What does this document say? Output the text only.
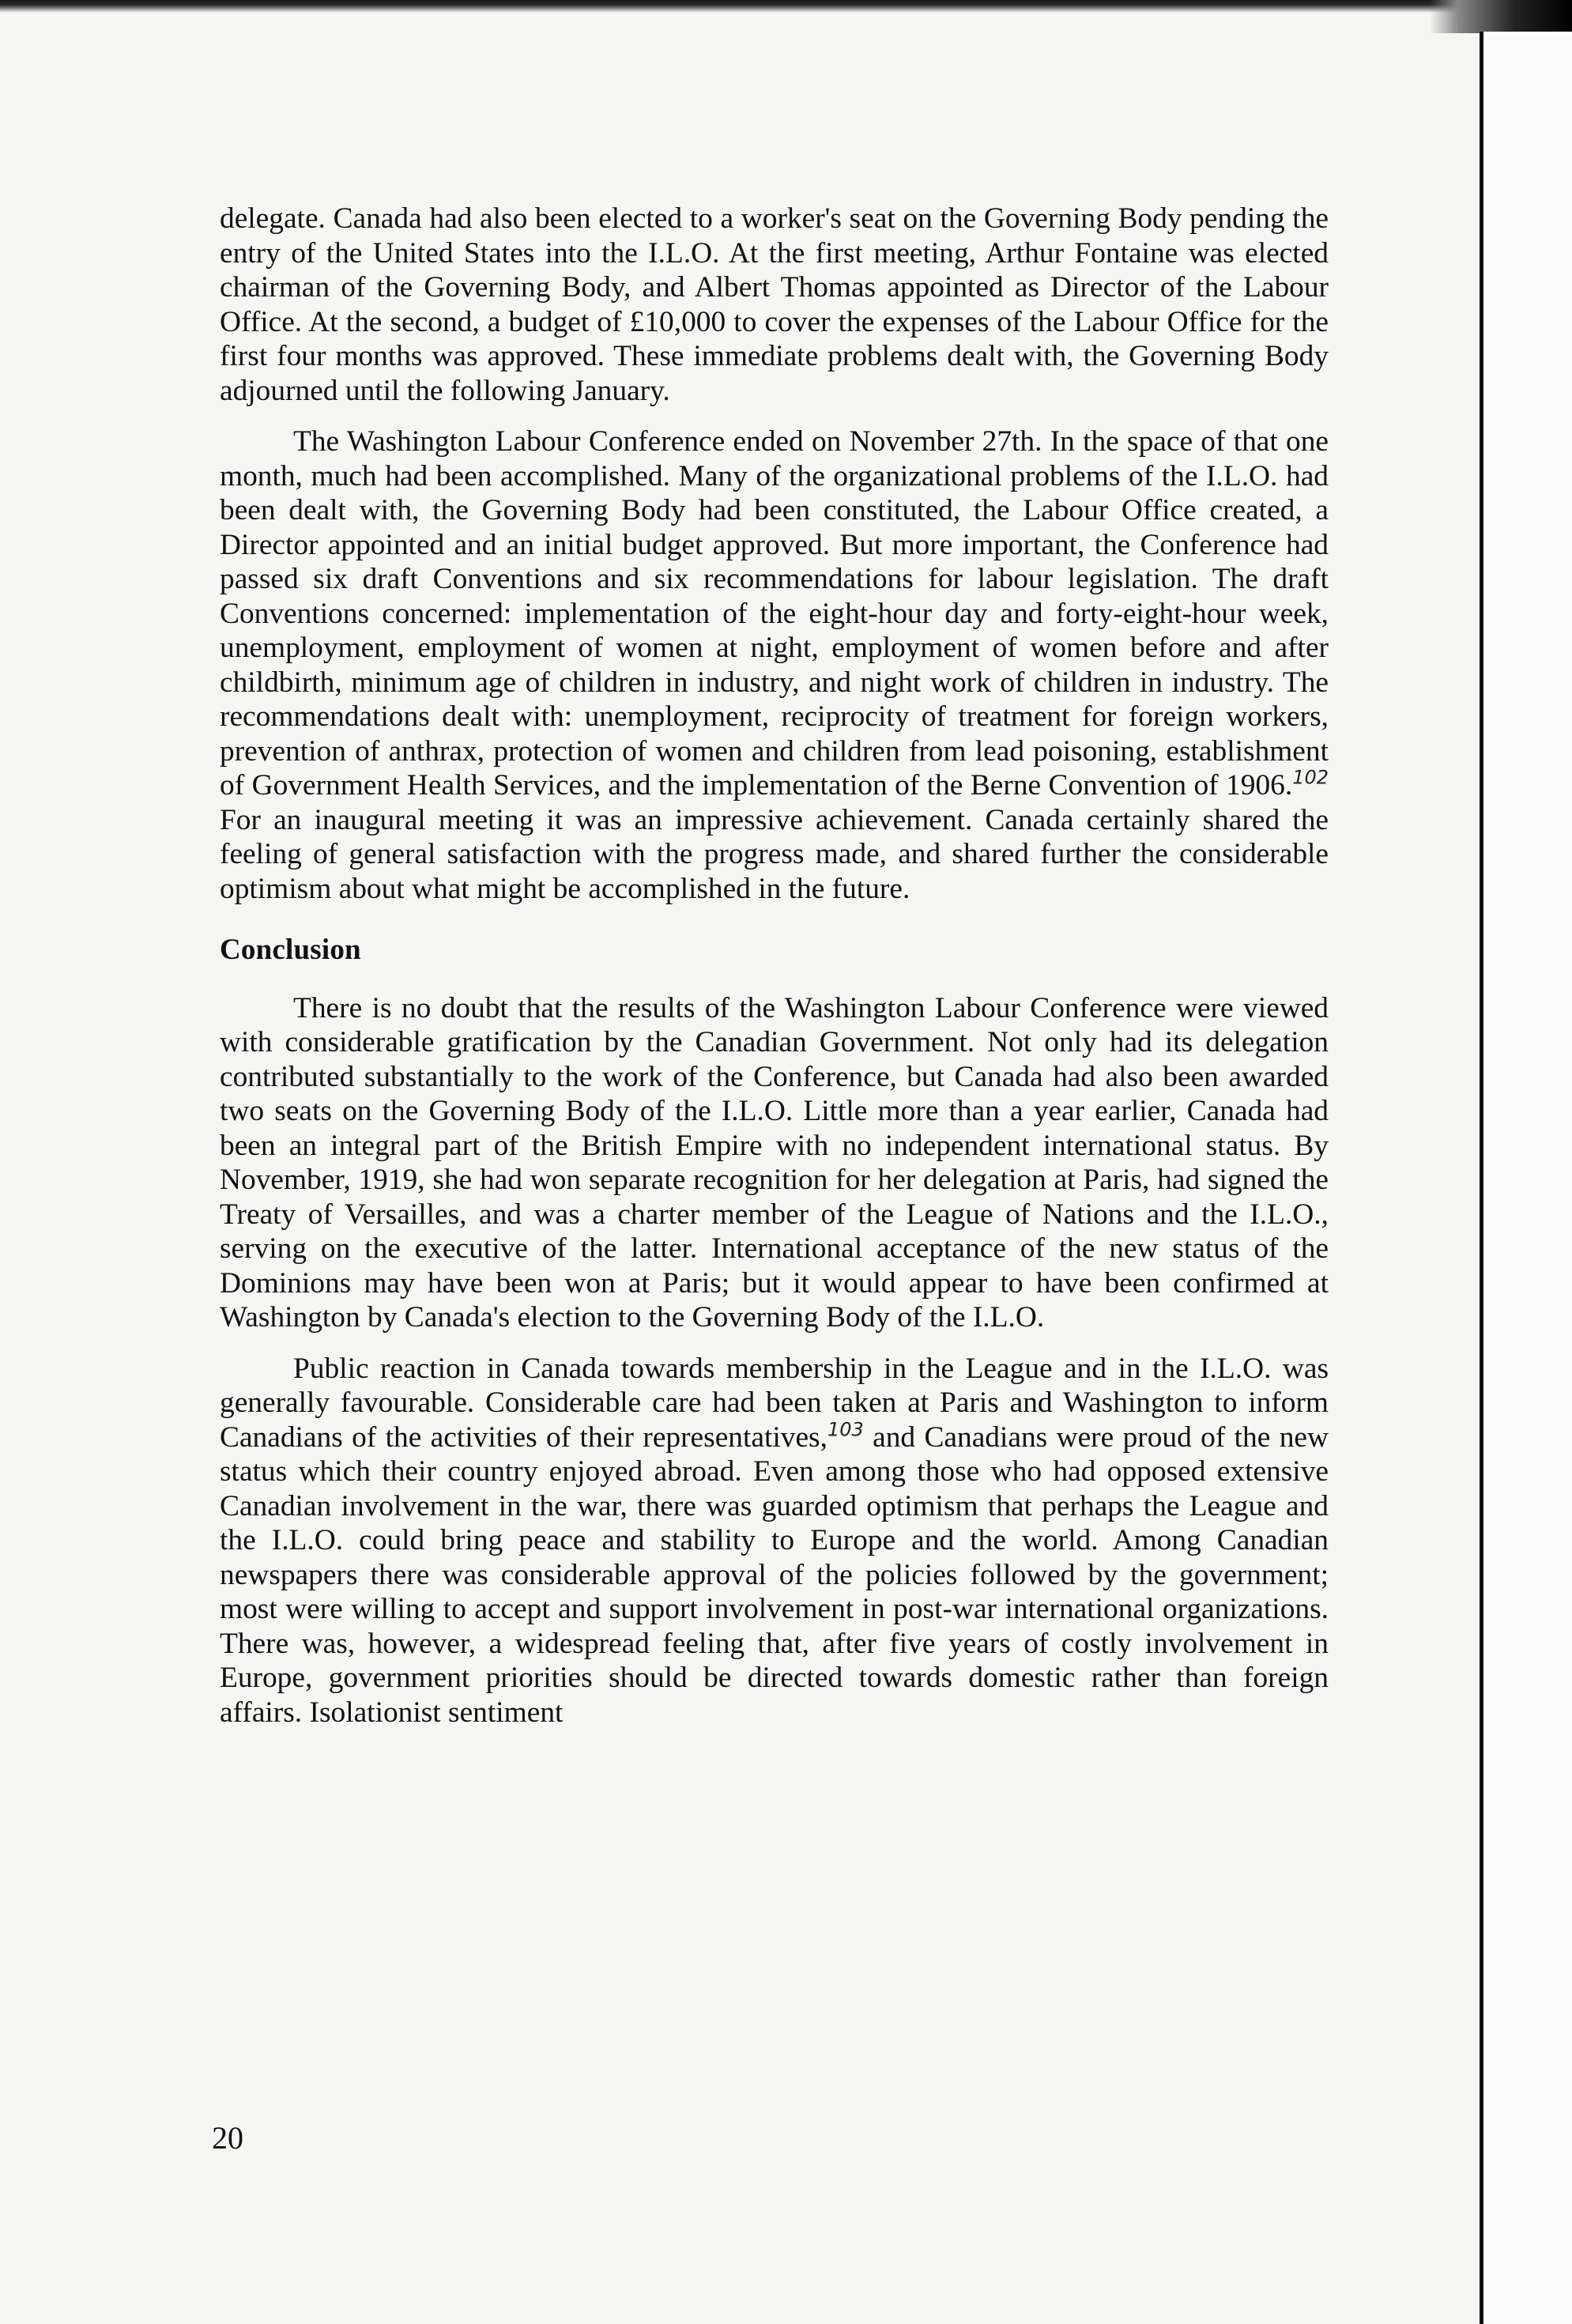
delegate. Canada had also been elected to a worker's seat on the Governing Body pending the entry of the United States into the I.L.O. At the first meeting, Arthur Fontaine was elected chairman of the Governing Body, and Albert Thomas appointed as Director of the Labour Office. At the second, a budget of £10,000 to cover the expenses of the Labour Office for the first four months was approved. These immediate problems dealt with, the Governing Body adjourned until the following January.

The Washington Labour Conference ended on November 27th. In the space of that one month, much had been accomplished. Many of the organizational problems of the I.L.O. had been dealt with, the Governing Body had been constituted, the Labour Office created, a Director appointed and an initial budget approved. But more important, the Conference had passed six draft Conventions and six recommendations for labour legislation. The draft Conventions concerned: implementation of the eight-hour day and forty-eight-hour week, unemployment, employment of women at night, employment of women before and after childbirth, minimum age of children in industry, and night work of children in industry. The recommendations dealt with: unemployment, reciprocity of treatment for foreign workers, prevention of anthrax, protection of women and children from lead poisoning, establishment of Government Health Services, and the implementation of the Berne Convention of 1906.$^{102}$ For an inaugural meeting it was an impressive achievement. Canada certainly shared the feeling of general satisfaction with the progress made, and shared further the considerable optimism about what might be accomplished in the future.

Conclusion

There is no doubt that the results of the Washington Labour Conference were viewed with considerable gratification by the Canadian Government. Not only had its delegation contributed substantially to the work of the Conference, but Canada had also been awarded two seats on the Governing Body of the I.L.O. Little more than a year earlier, Canada had been an integral part of the British Empire with no independent international status. By November, 1919, she had won separate recognition for her delegation at Paris, had signed the Treaty of Versailles, and was a charter member of the League of Nations and the I.L.O., serving on the executive of the latter. International acceptance of the new status of the Dominions may have been won at Paris; but it would appear to have been confirmed at Washington by Canada's election to the Governing Body of the I.L.O.

Public reaction in Canada towards membership in the League and in the I.L.O. was generally favourable. Considerable care had been taken at Paris and Washington to inform Canadians of the activities of their representatives,$^{103}$ and Canadians were proud of the new status which their country enjoyed abroad. Even among those who had opposed extensive Canadian involvement in the war, there was guarded optimism that perhaps the League and the I.L.O. could bring peace and stability to Europe and the world. Among Canadian newspapers there was considerable approval of the policies followed by the government; most were willing to accept and support involvement in post-war international organizations. There was, however, a widespread feeling that, after five years of costly involvement in Europe, government priorities should be directed towards domestic rather than foreign affairs. Isolationist sentiment

20
